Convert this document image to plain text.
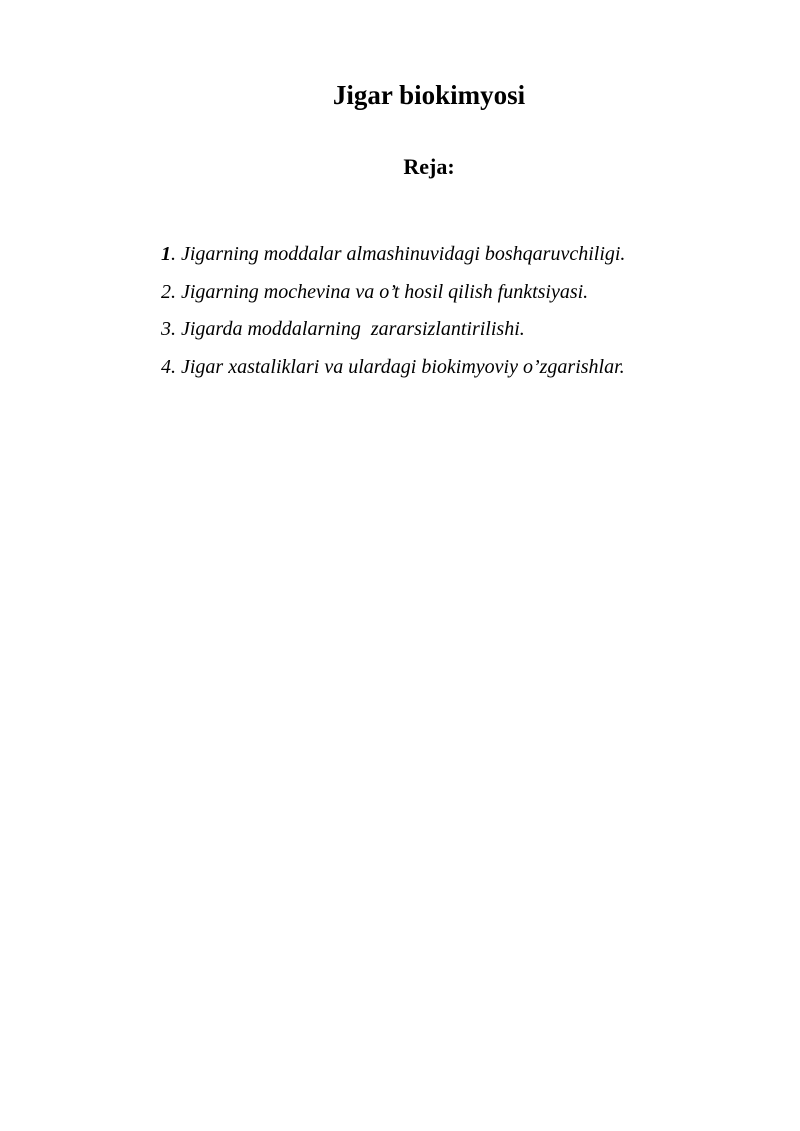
Jigar biokimyosi
Reja:
1. Jigarning moddalar almashinuvidagi boshqaruvchiligi.
2. Jigarning mochevina va o’t hosil qilish funktsiyasi.
3. Jigarda moddalarning  zararsizlantirilishi.
4. Jigar xastaliklari va ulardagi biokimyoviy o’zgarishlar.
